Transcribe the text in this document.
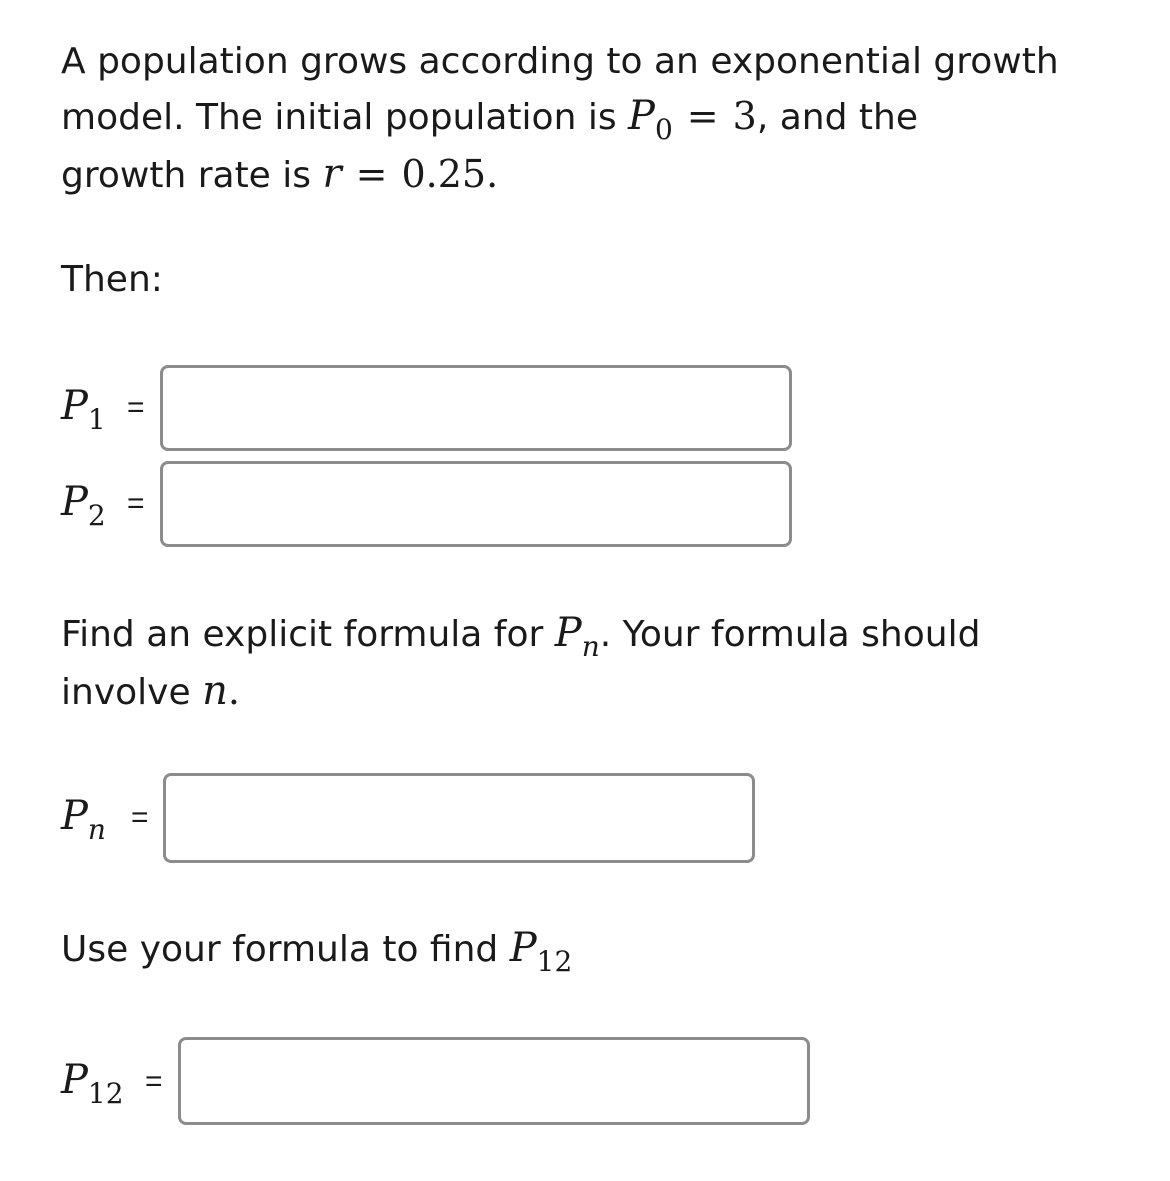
A population grows according to an exponential growth
model. The initial population is $P_0 = 3$, and the
growth rate is r = 0.25.

Then:

$P_1$ =
$P_2$ =

Find an explicit formula for $P_n$. Your formula should
involve n.

$P_n$ =

Use your formula to find $P_{12}$

$P_{12}$ =
